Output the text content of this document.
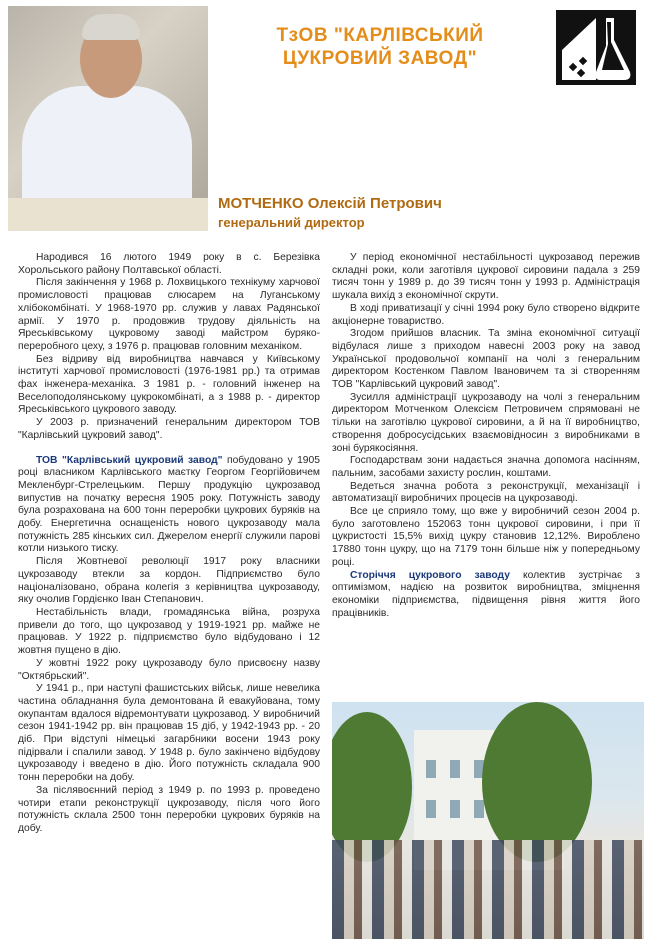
ТзОВ "КАРЛІВСЬКИЙ
ЦУКРОВИЙ ЗАВОД"
МОТЧЕНКО Олексій Петрович
генеральний директор

Народився 16 лютого 1949 року в с. Березівка Хорольського району Полтавської області.

Після закінчення у 1968 р. Лохвицького технікуму харчової промисловості працював слюсарем на Луганському хлібокомбінаті. У 1968-1970 рр. служив у лавах Радянської армії. У 1970 р. продовжив трудову діяльність на Яреськівському цукровому заводі майстром бурякопереробного цеху, з 1976 р. працював головним механіком.

Без відриву від виробництва навчався у Київському інституті харчової промисловості (1976-1981 рр.) та отримав фах інженера-механіка. З 1981 р. - головний інженер на Веселоподолянському цукрокомбінаті, а з 1988 р. - директор Яреськівського цукрового заводу.

У 2003 р. призначений генеральним директором ТОВ "Карлівський цукровий завод".

ТОВ "Карлівський цукровий завод" побудовано у 1905 році власником Карлівського маєтку Георгом Георгійовичем Мекленбург-Стрелецьким. Першу продукцію цукрозавод випустив на початку вересня 1905 року. Потужність заводу була розрахована на 600 тонн переробки цукрових буряків на добу. Енергетична оснащеність нового цукрозаводу мала потужність 285 кінських сил. Джерелом енергії служили парові котли низького тиску.

Після Жовтневої революції 1917 року власники цукрозаводу втекли за кордон. Підприємство було націоналізовано, обрана колегія з керівництва цукрозаводу, яку очолив Гордієнко Іван Степанович.

Нестабільність влади, громадянська війна, розруха привели до того, що цукрозавод у 1919-1921 рр. майже не працював. У 1922 р. підприємство було відбудовано і 12 жовтня пущено в дію.

У жовтні 1922 року цукрозаводу було присвоєну назву "Октябрьский".

У 1941 р., при наступі фашистських військ, лише невелика частина обладнання була демонтована й евакуйована, тому окупантам вдалося відремонтувати цукрозавод. У виробничий сезон 1941-1942 рр. він працював 15 діб, у 1942-1943 рр. - 20 діб. При відступі німецькі загарбники восени 1943 року підірвали і спалили завод. У 1948 р. було закінчено відбудову цукрозаводу і введено в дію. Його потужність складала 900 тонн переробки на добу.

За післявоєнний період з 1949 р. по 1993 р. проведено чотири етапи реконструкції цукрозаводу, після чого його потужність склала 2500 тонн переробки цукрових буряків на добу.

У період економічної нестабільності цукрозавод пережив складні роки, коли заготівля цукрової сировини падала з 259 тисяч тонн у 1989 р. до 39 тисяч тонн у 1993 р. Адміністрація шукала вихід з економічної скрути.

В ході приватизації у січні 1994 року було створено відкрите акціонерне товариство.

Згодом прийшов власник. Та зміна економічної ситуації відбулася лише з приходом навесні 2003 року на завод Української продовольчої компанії на чолі з генеральним директором Костенком Павлом Івановичем та зі створенням ТОВ "Карлівський цукровий завод".

Зусилля адміністрації цукрозаводу на чолі з генеральним директором Мотченком Олексієм Петровичем спрямовані не тільки на заготівлю цукрової сировини, а й на її виробництво, створення добросусідських взаємовідносин з виробниками в зоні бурякосіяння.

Господарствам зони надається значна допомога насінням, пальним, засобами захисту рослин, коштами.

Ведеться значна робота з реконструкції, механізації і автоматизації виробничих процесів на цукрозаводі.

Все це сприяло тому, що вже у виробничий сезон 2004 р. було заготовлено 152063 тонн цукрової сировини, і при її цукристості 15,5% вихід цукру становив 12,12%. Вироблено 17880 тонн цукру, що на 7179 тонн більше ніж у попередньому році.

Сторіччя цукрового заводу колектив зустрічає з оптимізмом, надією на розвиток виробництва, зміцнення економіки підприємства, підвищення рівня життя його працівників.
